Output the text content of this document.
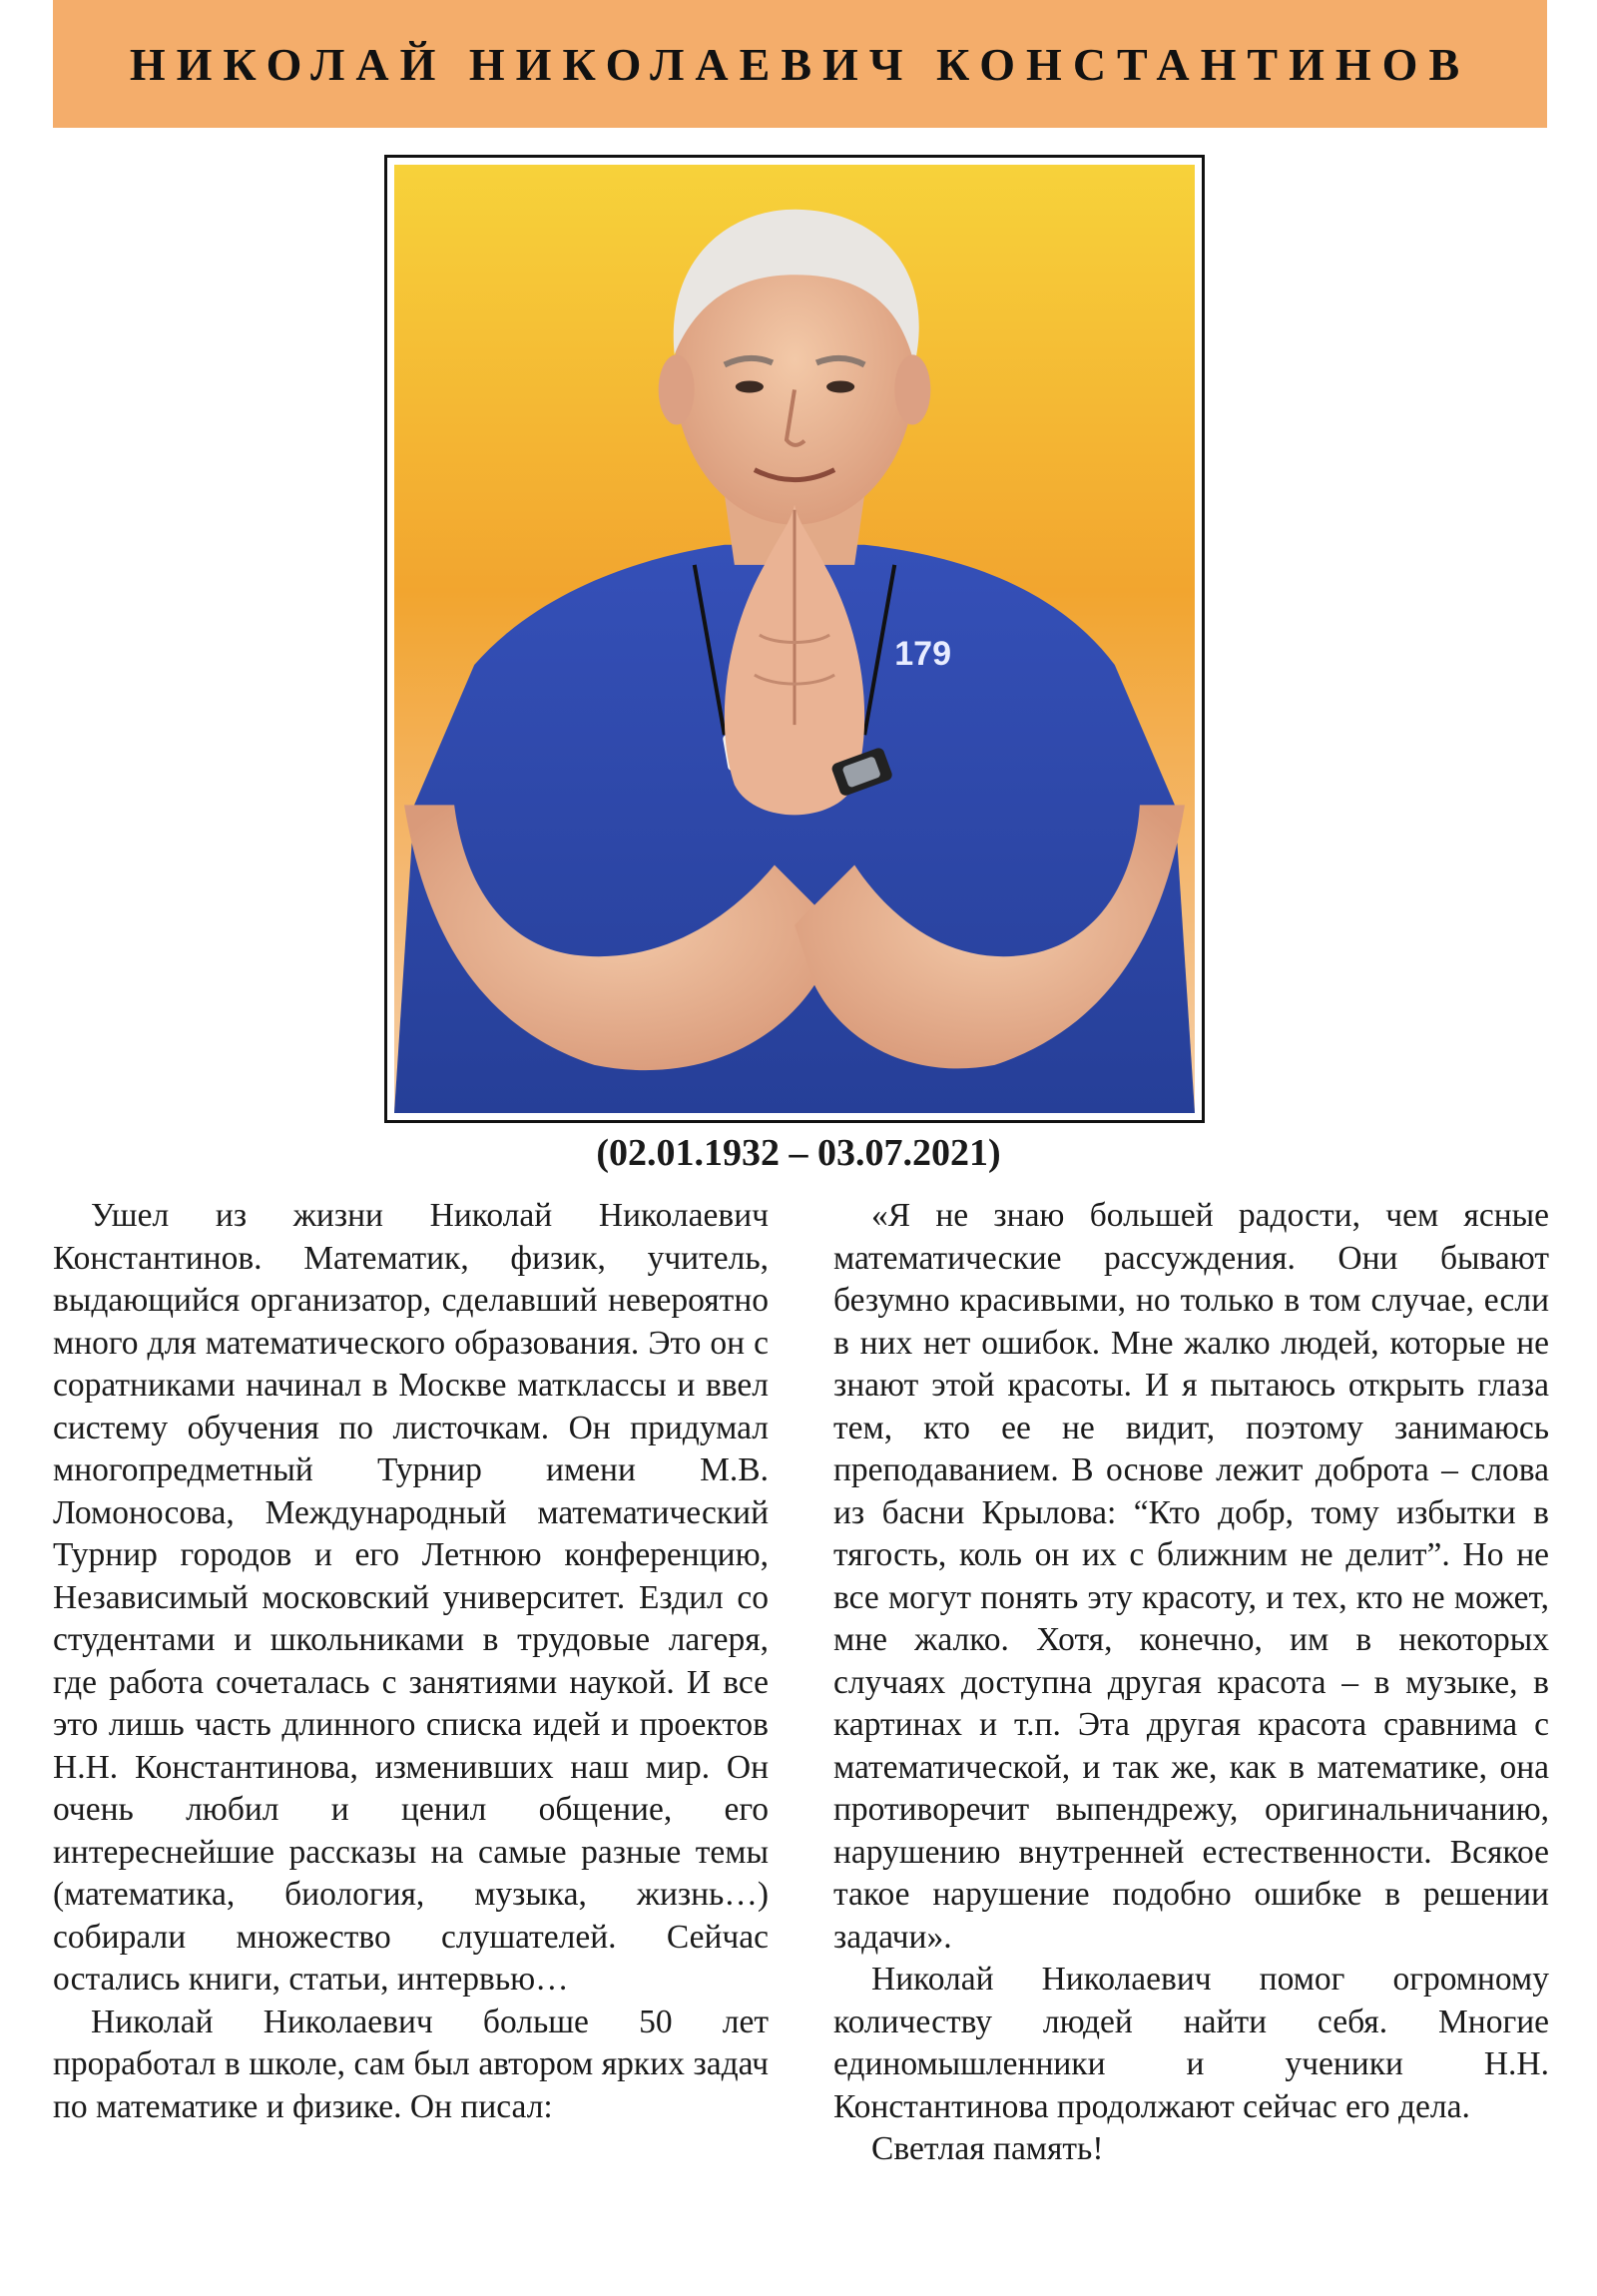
НИКОЛАЙ НИКОЛАЕВИЧ КОНСТАНТИНОВ
179
(02.01.1932 – 03.07.2021)

Ушел из жизни Николай Николаевич Константинов. Математик, физик, учитель, выдающийся организатор, сделавший невероятно много для математического образования. Это он с соратниками начинал в Москве матклассы и ввел систему обучения по листочкам. Он придумал многопредметный Турнир имени М.В. Ломоносова, Международный математический Турнир городов и его Летнюю конференцию, Независимый московский университет. Ездил со студентами и школьниками в трудовые лагеря, где работа сочеталась с занятиями наукой. И все это лишь часть длинного списка идей и проектов Н.Н. Константинова, изменивших наш мир. Он очень любил и ценил общение, его интереснейшие рассказы на самые разные темы (математика, биология, музыка, жизнь…) собирали множество слушателей. Сейчас остались книги, статьи, интервью…

Николай Николаевич больше 50 лет проработал в школе, сам был автором ярких задач по математике и физике. Он писал:

«Я не знаю большей радости, чем ясные математические рассуждения. Они бывают безумно красивыми, но только в том случае, если в них нет ошибок. Мне жалко людей, которые не знают этой красоты. И я пытаюсь открыть глаза тем, кто ее не видит, поэтому занимаюсь преподаванием. В основе лежит доброта – слова из басни Крылова: “Кто добр, тому избытки в тягость, коль он их с ближним не делит”. Но не все могут понять эту красоту, и тех, кто не может, мне жалко. Хотя, конечно, им в некоторых случаях доступна другая красота – в музыке, в картинах и т.п. Эта другая красота сравнима с математической, и так же, как в математике, она противоречит выпендрежу, оригинальничанию, нарушению внутренней естественности. Всякое такое нарушение подобно ошибке в решении задачи».

Николай Николаевич помог огромному количеству людей найти себя. Многие единомышленники и ученики Н.Н. Константинова продолжают сейчас его дела.

Светлая память!
